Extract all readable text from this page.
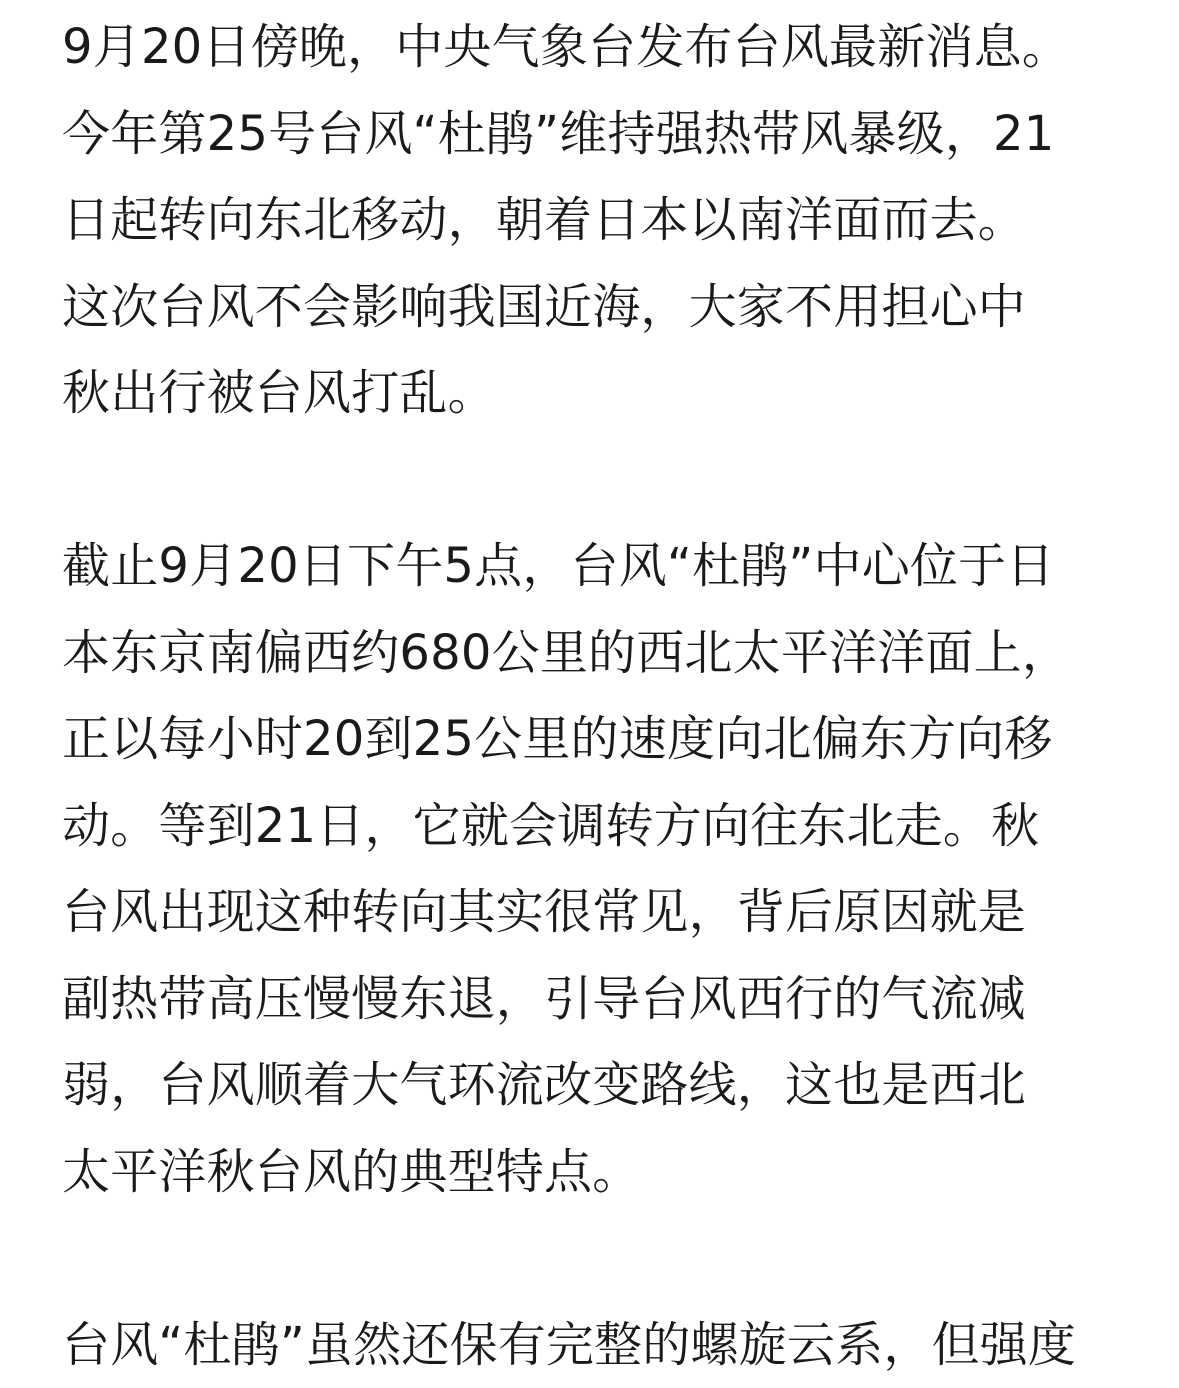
9月20日傍晚，中央气象台发布台风最新消息。
今年第25号台风“杜鹃”维持强热带风暴级，21
日起转向东北移动，朝着日本以南洋面而去。
这次台风不会影响我国近海，大家不用担心中
秋出行被台风打乱。
截止9月20日下午5点，台风“杜鹃”中心位于日
本东京南偏西约680公里的西北太平洋洋面上，
正以每小时20到25公里的速度向北偏东方向移
动。等到21日，它就会调转方向往东北走。秋
台风出现这种转向其实很常见，背后原因就是
副热带高压慢慢东退，引导台风西行的气流减
弱，台风顺着大气环流改变路线，这也是西北
太平洋秋台风的典型特点。
台风“杜鹃”虽然还保有完整的螺旋云系，但强度
